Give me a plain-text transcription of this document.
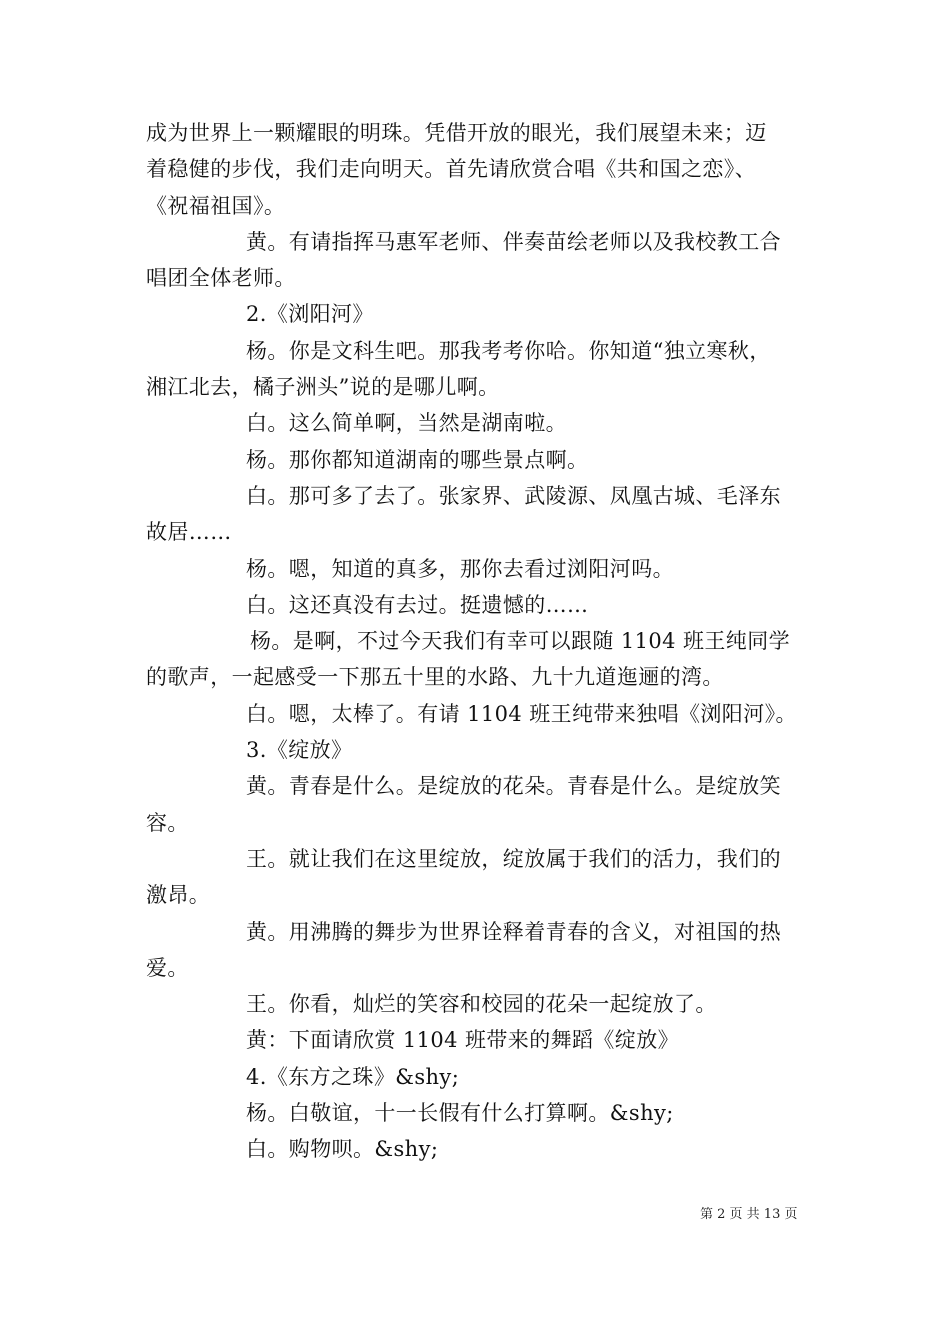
成为世界上一颗耀眼的明珠。凭借开放的眼光，我们展望未来；迈
着稳健的步伐，我们走向明天。首先请欣赏合唱《共和国之恋》、
《祝福祖国》。
黄。有请指挥马惠军老师、伴奏苗绘老师以及我校教工合
唱团全体老师。
2.《浏阳河》
杨。你是文科生吧。那我考考你哈。你知道“独立寒秋，
湘江北去，橘子洲头”说的是哪儿啊。
白。这么简单啊，当然是湖南啦。
杨。那你都知道湖南的哪些景点啊。
白。那可多了去了。张家界、武陵源、凤凰古城、毛泽东
故居……
杨。嗯，知道的真多，那你去看过浏阳河吗。
白。这还真没有去过。挺遗憾的……
杨。是啊，不过今天我们有幸可以跟随 1104 班王纯同学
的歌声，一起感受一下那五十里的水路、九十九道迤逦的湾。
白。嗯，太棒了。有请 1104 班王纯带来独唱《浏阳河》。
3.《绽放》
黄。青春是什么。是绽放的花朵。青春是什么。是绽放笑
容。
王。就让我们在这里绽放，绽放属于我们的活力，我们的
激昂。
黄。用沸腾的舞步为世界诠释着青春的含义，对祖国的热
爱。
王。你看，灿烂的笑容和校园的花朵一起绽放了。
黄：下面请欣赏 1104 班带来的舞蹈《绽放》
4.《东方之珠》&shy;
杨。白敬谊，十一长假有什么打算啊。&shy;
白。购物呗。&shy;
第 2 页 共 13 页
